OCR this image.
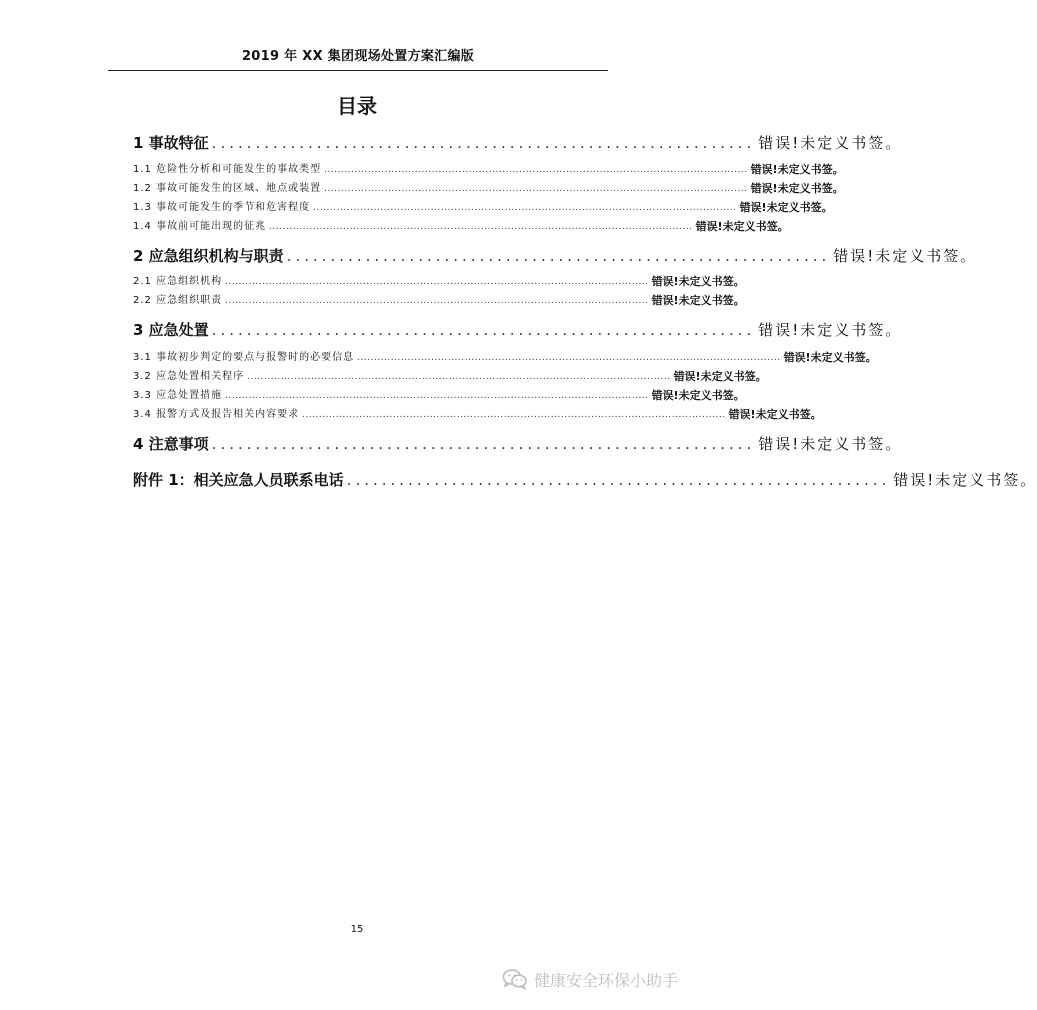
2019 年 XX 集团现场处置方案汇编版
目录
1 事故特征 .............................................................. 错误!未定义书签。
1.1 危险性分析和可能发生的事故类型 .............................................................................................................................. 错误!未定义书签。
1.2 事故可能发生的区域、地点或装置 .............................................................................................................................. 错误!未定义书签。
1.3 事故可能发生的季节和危害程度 .............................................................................................................................. 错误!未定义书签。
1.4 事故前可能出现的征兆 .............................................................................................................................. 错误!未定义书签。
2 应急组织机构与职责 .............................................................. 错误!未定义书签。
2.1 应急组织机构 .............................................................................................................................. 错误!未定义书签。
2.2 应急组织职责 .............................................................................................................................. 错误!未定义书签。
3 应急处置 .............................................................. 错误!未定义书签。
3.1 事故初步判定的要点与报警时的必要信息 .............................................................................................................................. 错误!未定义书签。
3.2 应急处置相关程序 .............................................................................................................................. 错误!未定义书签。
3.3 应急处置措施 .............................................................................................................................. 错误!未定义书签。
3.4 报警方式及报告相关内容要求 .............................................................................................................................. 错误!未定义书签。
4 注意事项 .............................................................. 错误!未定义书签。
附件 1：相关应急人员联系电话 .............................................................. 错误!未定义书签。
15
健康安全环保小助手
